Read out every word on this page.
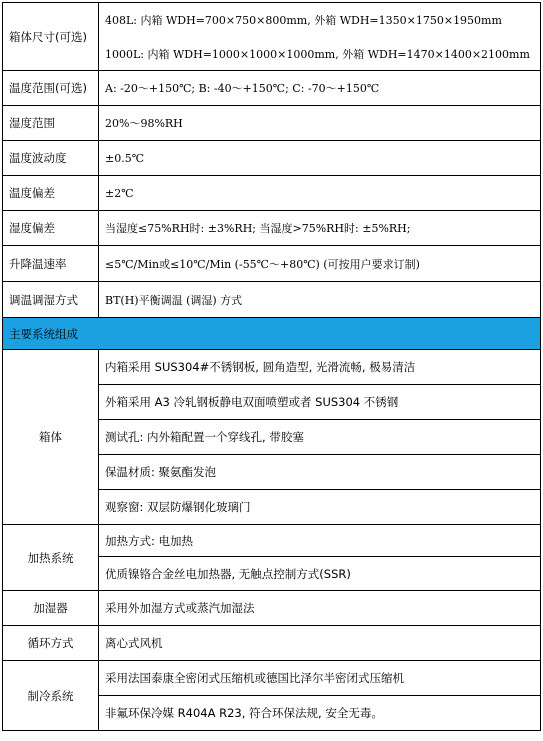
箱体尺寸(可选)	408L: 内箱 WDH=700×750×800mm, 外箱 WDH=1350×1750×1950mm
1000L: 内箱 WDH=1000×1000×1000mm, 外箱 WDH=1470×1400×2100mm

温度范围(可选)	A: -20～+150℃; B: -40～+150℃; C: -70～+150℃
湿度范围	20%～98%RH
温度波动度	±0.5℃
温度偏差	±2℃
湿度偏差	当湿度≤75%RH时: ±3%RH; 当湿度>75%RH时: ±5%RH;
升降温速率	≤5℃/Min或≤10℃/Min (-55℃～+80℃) (可按用户要求订制)
调温调湿方式	BT(H)平衡调温 (调湿) 方式
主要系统组成	
箱体	内箱采用 SUS304#不锈钢板, 圆角造型, 光滑流畅, 极易清洁
	外箱采用 A3 冷轧钢板静电双面喷塑或者 SUS304 不锈钢
	测试孔: 内外箱配置一个穿线孔, 带胶塞
	保温材质: 聚氨酯发泡
	观察窗: 双层防爆钢化玻璃门
加热系统	加热方式: 电加热
	优质镍铬合金丝电加热器, 无触点控制方式(SSR)
加湿器	采用外加湿方式或蒸汽加湿法
循环方式	离心式风机
制冷系统	采用法国泰康全密闭式压缩机或德国比泽尔半密闭式压缩机
	非氟环保冷媒 R404A R23, 符合环保法规, 安全无毒。
